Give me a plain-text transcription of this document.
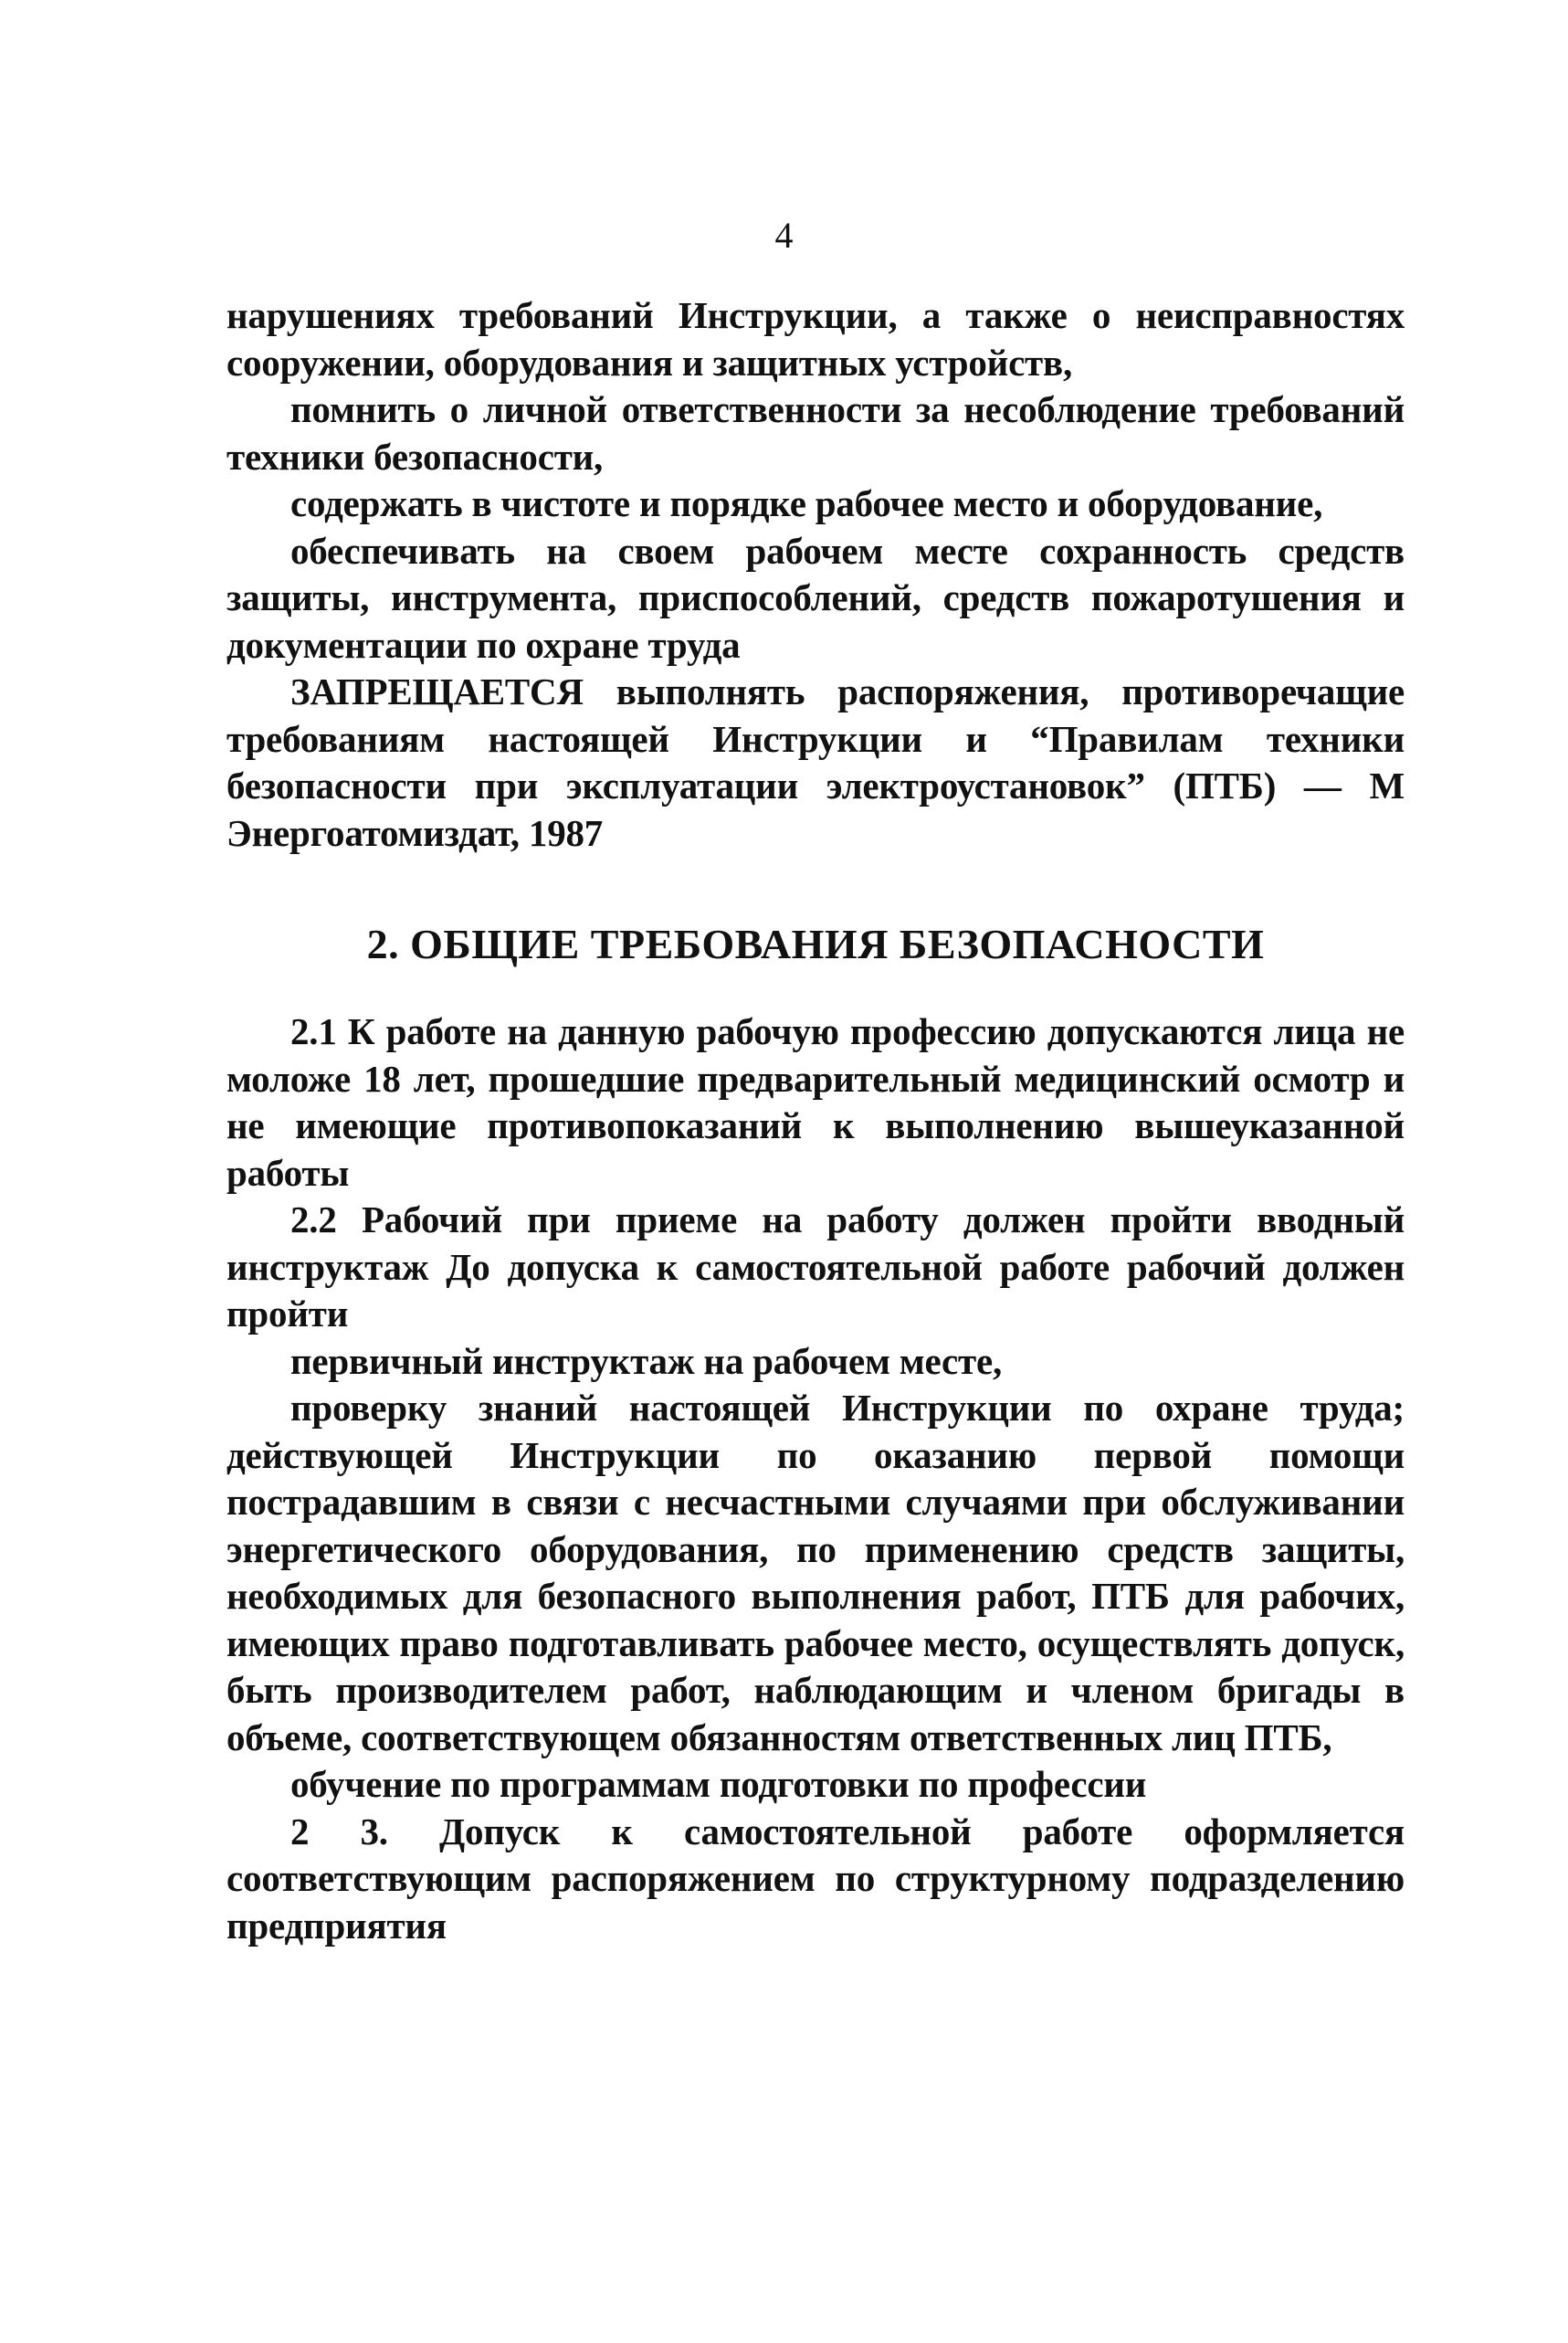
4

нарушениях требований Инструкции, а также о неисправностях сооружении, оборудования и защитных устройств,

помнить о личной ответственности за несоблюдение требований техники безопасности,

содержать в чистоте и порядке рабочее место и оборудование,

обеспечивать на своем рабочем месте сохранность средств защиты, инструмента, приспособлений, средств пожаротушения и документации по охране труда

ЗАПРЕЩАЕТСЯ выполнять распоряжения, противоречащие требованиям настоящей Инструкции и “Правилам техники безопасности при эксплуатации электроустановок” (ПТБ) — М Энергоатомиздат, 1987

2. ОБЩИЕ ТРЕБОВАНИЯ БЕЗОПАСНОСТИ

2.1 К работе на данную рабочую профессию допускаются лица не моложе 18 лет, прошедшие предварительный медицинский осмотр и не имеющие противопоказаний к выполнению вышеуказанной работы

2.2 Рабочий при приеме на работу должен пройти вводный инструктаж До допуска к самостоятельной работе рабочий должен пройти

первичный инструктаж на рабочем месте,

проверку знаний настоящей Инструкции по охране труда; действующей Инструкции по оказанию первой помощи пострадавшим в связи с несчастными случаями при обслуживании энергетического оборудования, по применению средств защиты, необходимых для безопасного выполнения работ, ПТБ для рабочих, имеющих право подготавливать рабочее место, осуществлять допуск, быть производителем работ, наблюдающим и членом бригады в объеме, соответствующем обязанностям ответственных лиц ПТБ,

обучение по программам подготовки по профессии

2 3. Допуск к самостоятельной работе оформляется соответствующим распоряжением по структурному подразделению предприятия
